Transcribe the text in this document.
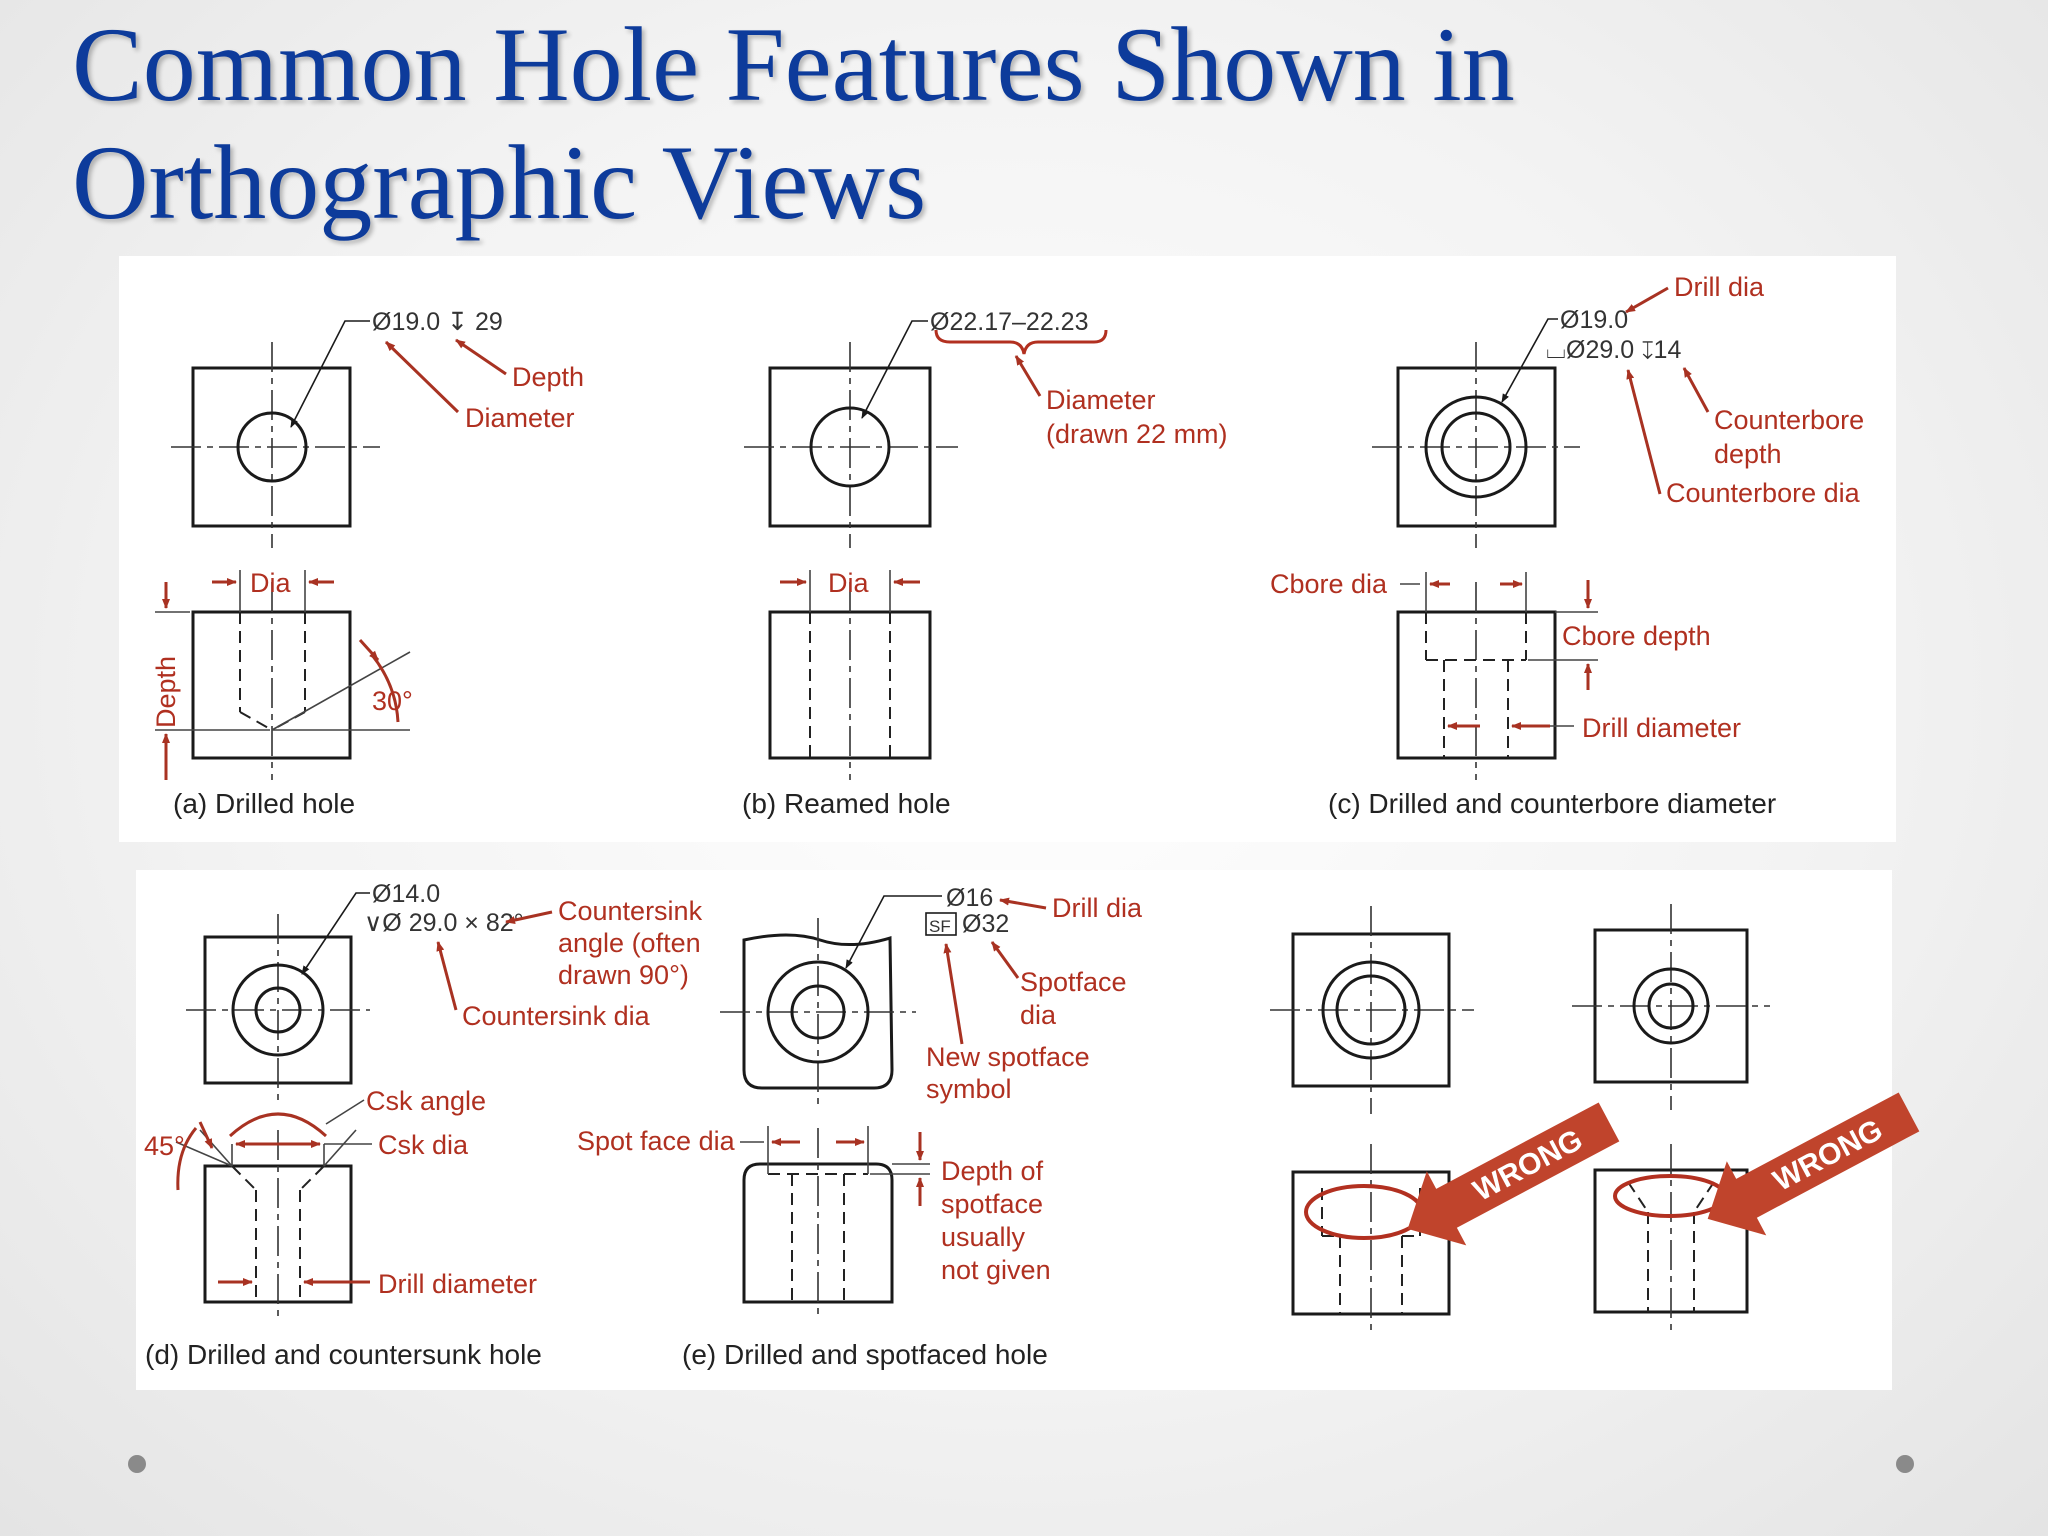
Common Hole Features Shown in Orthographic Views
Ø19.0 ↧ 29
Depth
Diameter
Dia
Depth	30°
(a) Drilled hole
Ø22.17–22.23
Diameter
(drawn 22 mm)
Dia
(b) Reamed hole
Drill dia
Ø19.0
⌴Ø29.0 ↧14
Counterbore
depth
Counterbore dia
Cbore dia
Cbore depth
Drill diameter
(c) Drilled and counterbore diameter
Ø14.0
∨Ø 29.0 × 82° Countersink
angle (often
drawn 90°)
Countersink dia
Csk angle
Csk dia
45°
Drill diameter
(d) Drilled and countersunk hole
Ø16
SF Ø32
Drill dia
Spotface
dia
New spotface
symbol
Spot face dia
Depth of
spotface
usually
not given
(e) Drilled and spotfaced hole
WRONG	WRONG
